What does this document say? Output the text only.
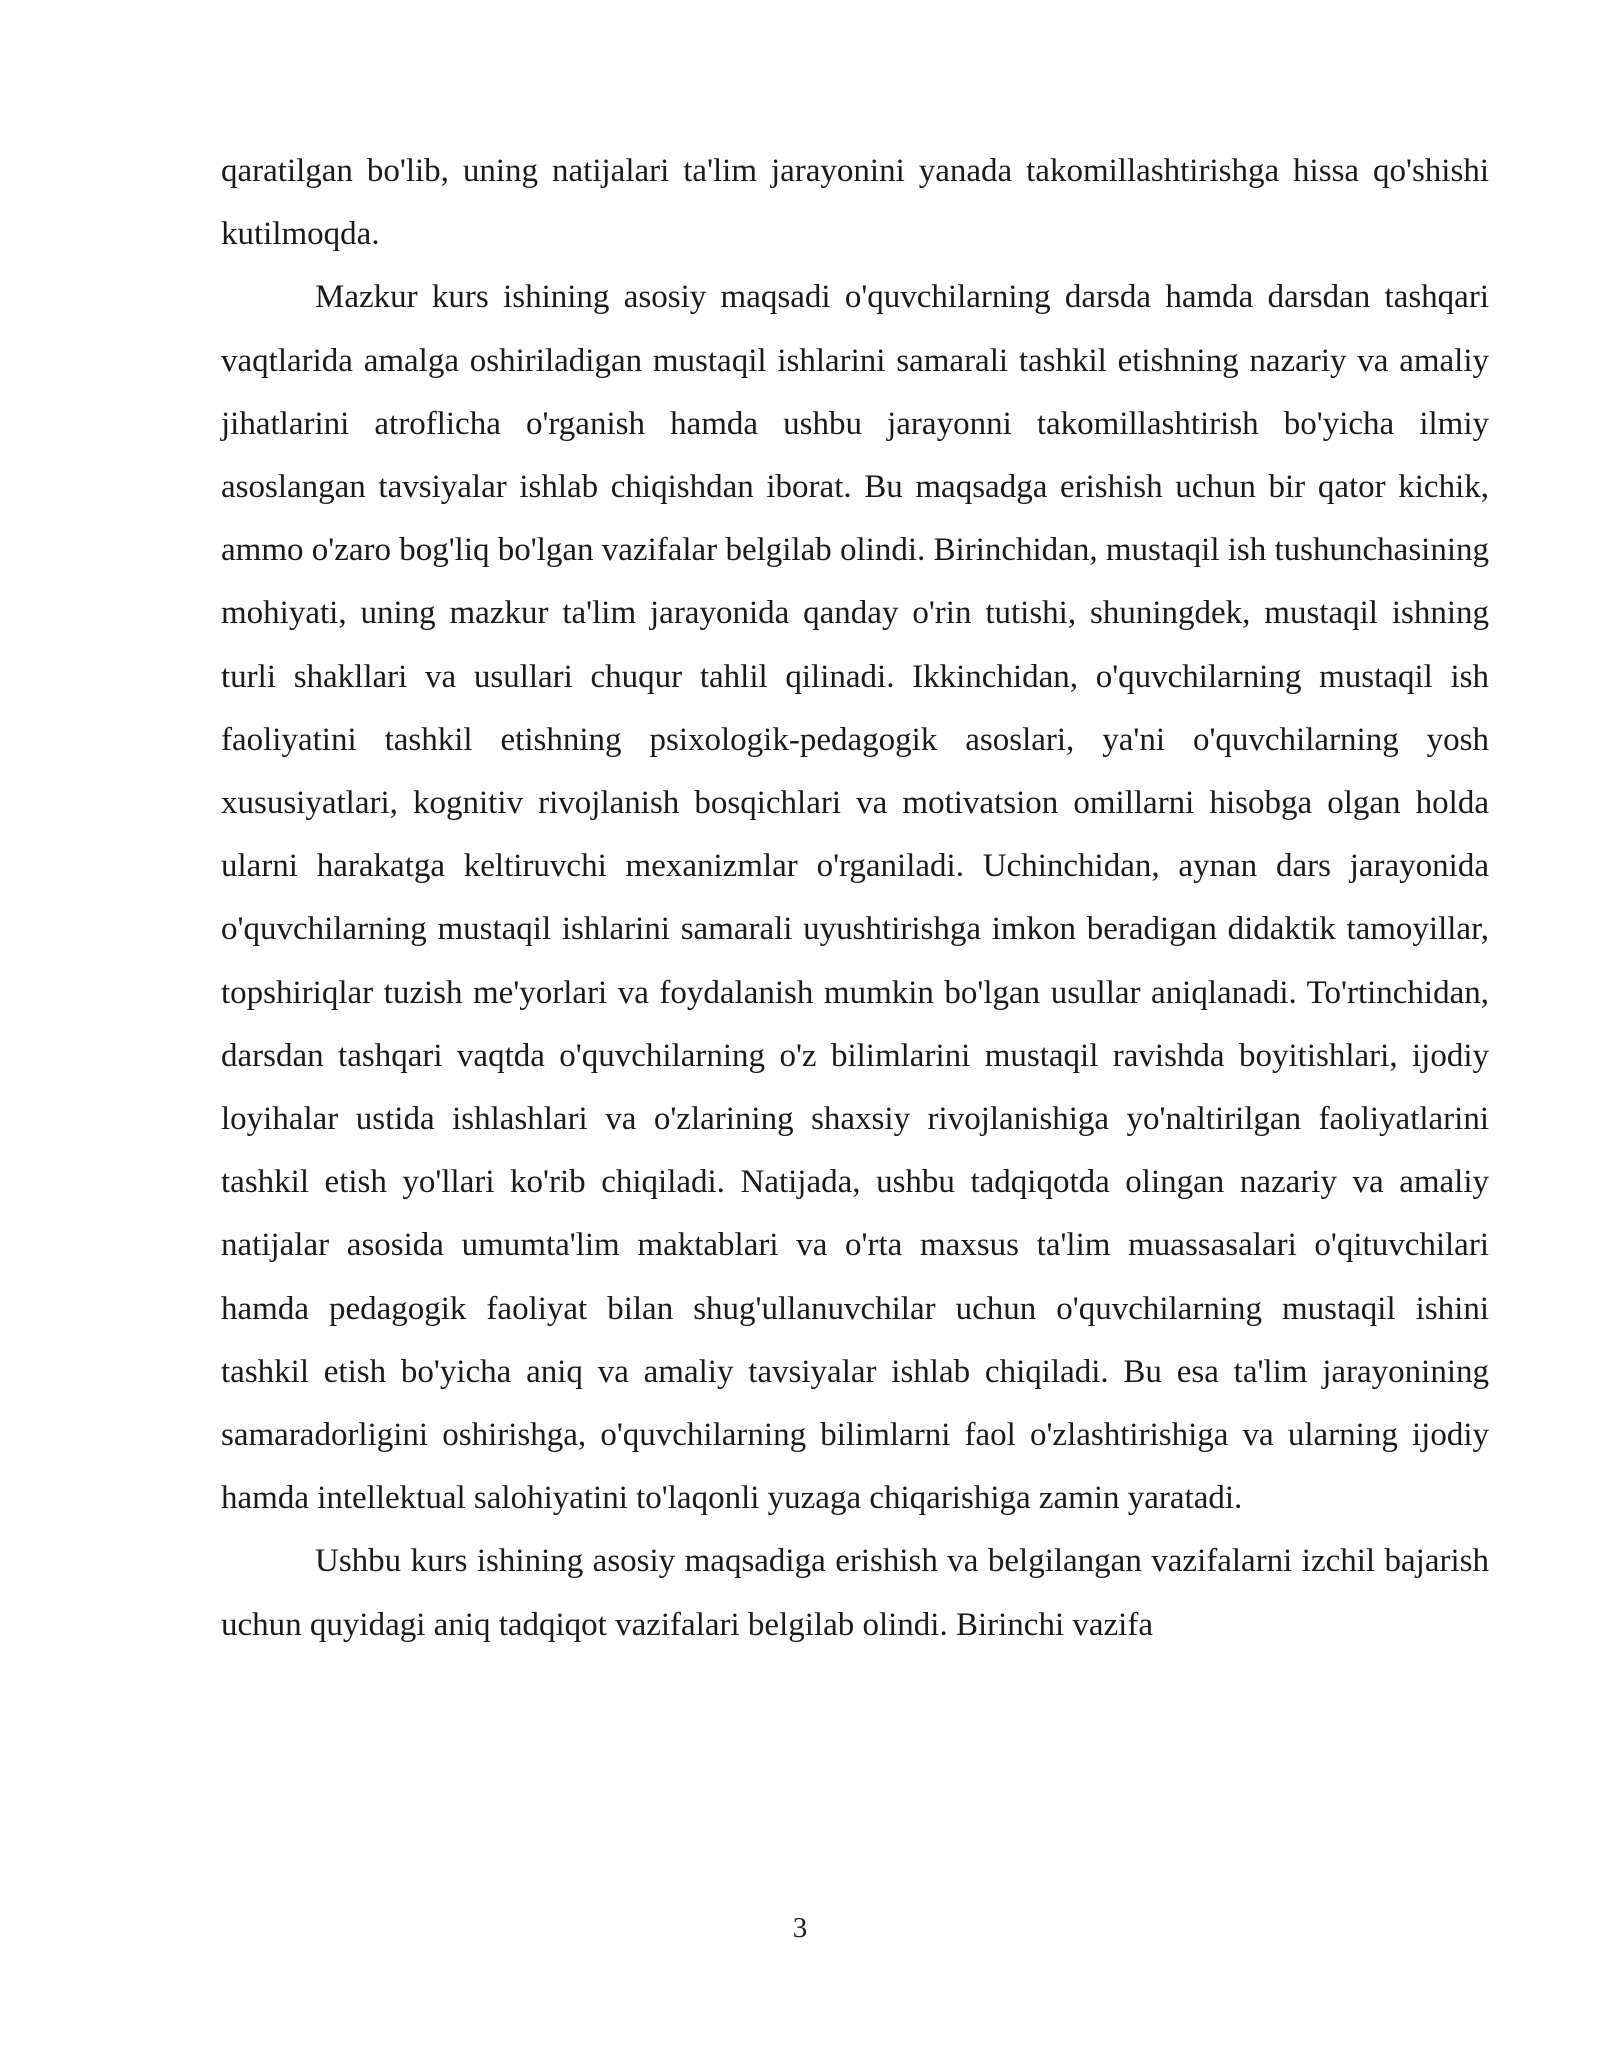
qaratilgan bo'lib, uning natijalari ta'lim jarayonini yanada takomillashtirishga hissa qo'shishi kutilmoqda.

Mazkur kurs ishining asosiy maqsadi o'quvchilarning darsda hamda darsdan tashqari vaqtlarida amalga oshiriladigan mustaqil ishlarini samarali tashkil etishning nazariy va amaliy jihatlarini atroflicha o'rganish hamda ushbu jarayonni takomillashtirish bo'yicha ilmiy asoslangan tavsiyalar ishlab chiqishdan iborat. Bu maqsadga erishish uchun bir qator kichik, ammo o'zaro bog'liq bo'lgan vazifalar belgilab olindi. Birinchidan, mustaqil ish tushunchasining mohiyati, uning mazkur ta'lim jarayonida qanday o'rin tutishi, shuningdek, mustaqil ishning turli shakllari va usullari chuqur tahlil qilinadi. Ikkinchidan, o'quvchilarning mustaqil ish faoliyatini tashkil etishning psixologik-pedagogik asoslari, ya'ni o'quvchilarning yosh xususiyatlari, kognitiv rivojlanish bosqichlari va motivatsion omillarni hisobga olgan holda ularni harakatga keltiruvchi mexanizmlar o'rganiladi. Uchinchidan, aynan dars jarayonida o'quvchilarning mustaqil ishlarini samarali uyushtirishga imkon beradigan didaktik tamoyillar, topshiriqlar tuzish me'yorlari va foydalanish mumkin bo'lgan usullar aniqlanadi. To'rtinchidan, darsdan tashqari vaqtda o'quvchilarning o'z bilimlarini mustaqil ravishda boyitishlari, ijodiy loyihalar ustida ishlashlari va o'zlarining shaxsiy rivojlanishiga yo'naltirilgan faoliyatlarini tashkil etish yo'llari ko'rib chiqiladi. Natijada, ushbu tadqiqotda olingan nazariy va amaliy natijalar asosida umumta'lim maktablari va o'rta maxsus ta'lim muassasalari o'qituvchilari hamda pedagogik faoliyat bilan shug'ullanuvchilar uchun o'quvchilarning mustaqil ishini tashkil etish bo'yicha aniq va amaliy tavsiyalar ishlab chiqiladi. Bu esa ta'lim jarayonining samaradorligini oshirishga, o'quvchilarning bilimlarni faol o'zlashtirishiga va ularning ijodiy hamda intellektual salohiyatini to'laqonli yuzaga chiqarishiga zamin yaratadi.

Ushbu kurs ishining asosiy maqsadiga erishish va belgilangan vazifalarni izchil bajarish uchun quyidagi aniq tadqiqot vazifalari belgilab olindi. Birinchi vazifa

3
